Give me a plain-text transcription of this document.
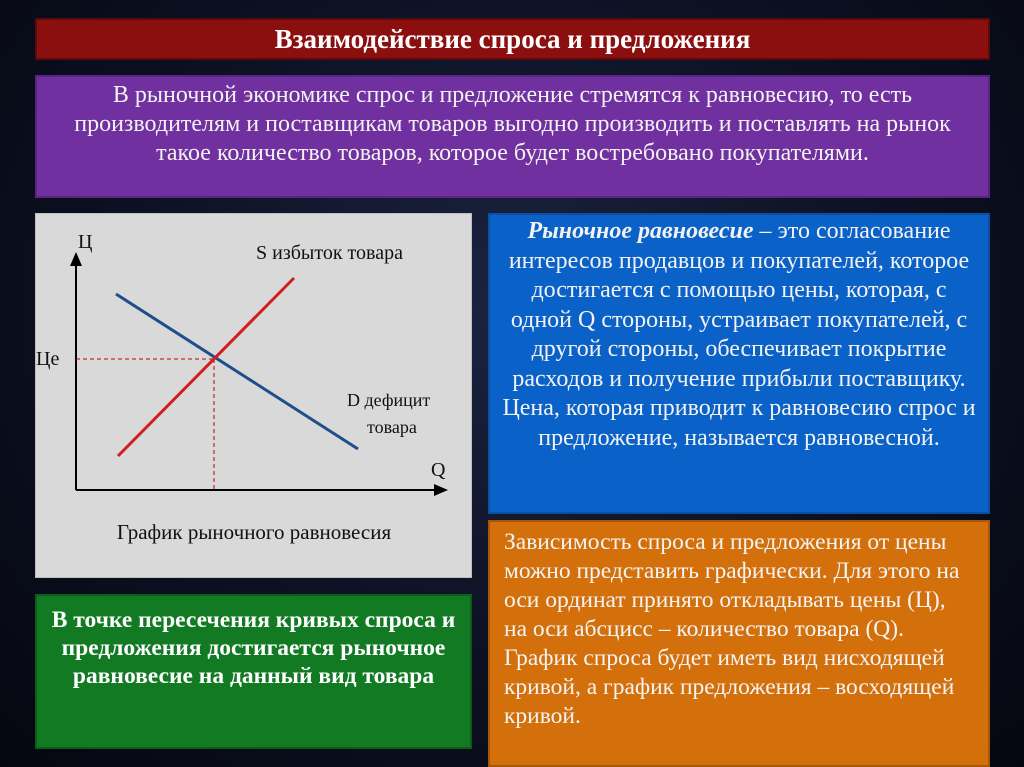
Взаимодействие спроса и предложения
В рыночной экономике спрос и предложение стремятся к равновесию, то есть производителям и поставщикам товаров выгодно производить и поставлять на рынок такое количество товаров, которое будет востребовано покупателями.
Ц
Q
Це
S избыток товара
D дефицит
товара
График рыночного равновесия
Рыночное равновесие – это согласование интересов продавцов и покупателей, которое достигается с помощью цены, которая, с одной Q стороны, устраивает покупателей, с другой стороны, обеспечивает покрытие расходов и получение прибыли поставщику. Цена, которая приводит к равновесию спрос и предложение, называется равновесной.
В точке пересечения кривых спроса и предложения достигается рыночное равновесие на данный вид товара
Зависимость спроса и предложения от цены можно представить графически. Для этого на оси ординат принято откладывать цены (Ц), на оси абсцисс – количество товара (Q). График спроса будет иметь вид нисходящей кривой, а график предложения – восходящей кривой.
